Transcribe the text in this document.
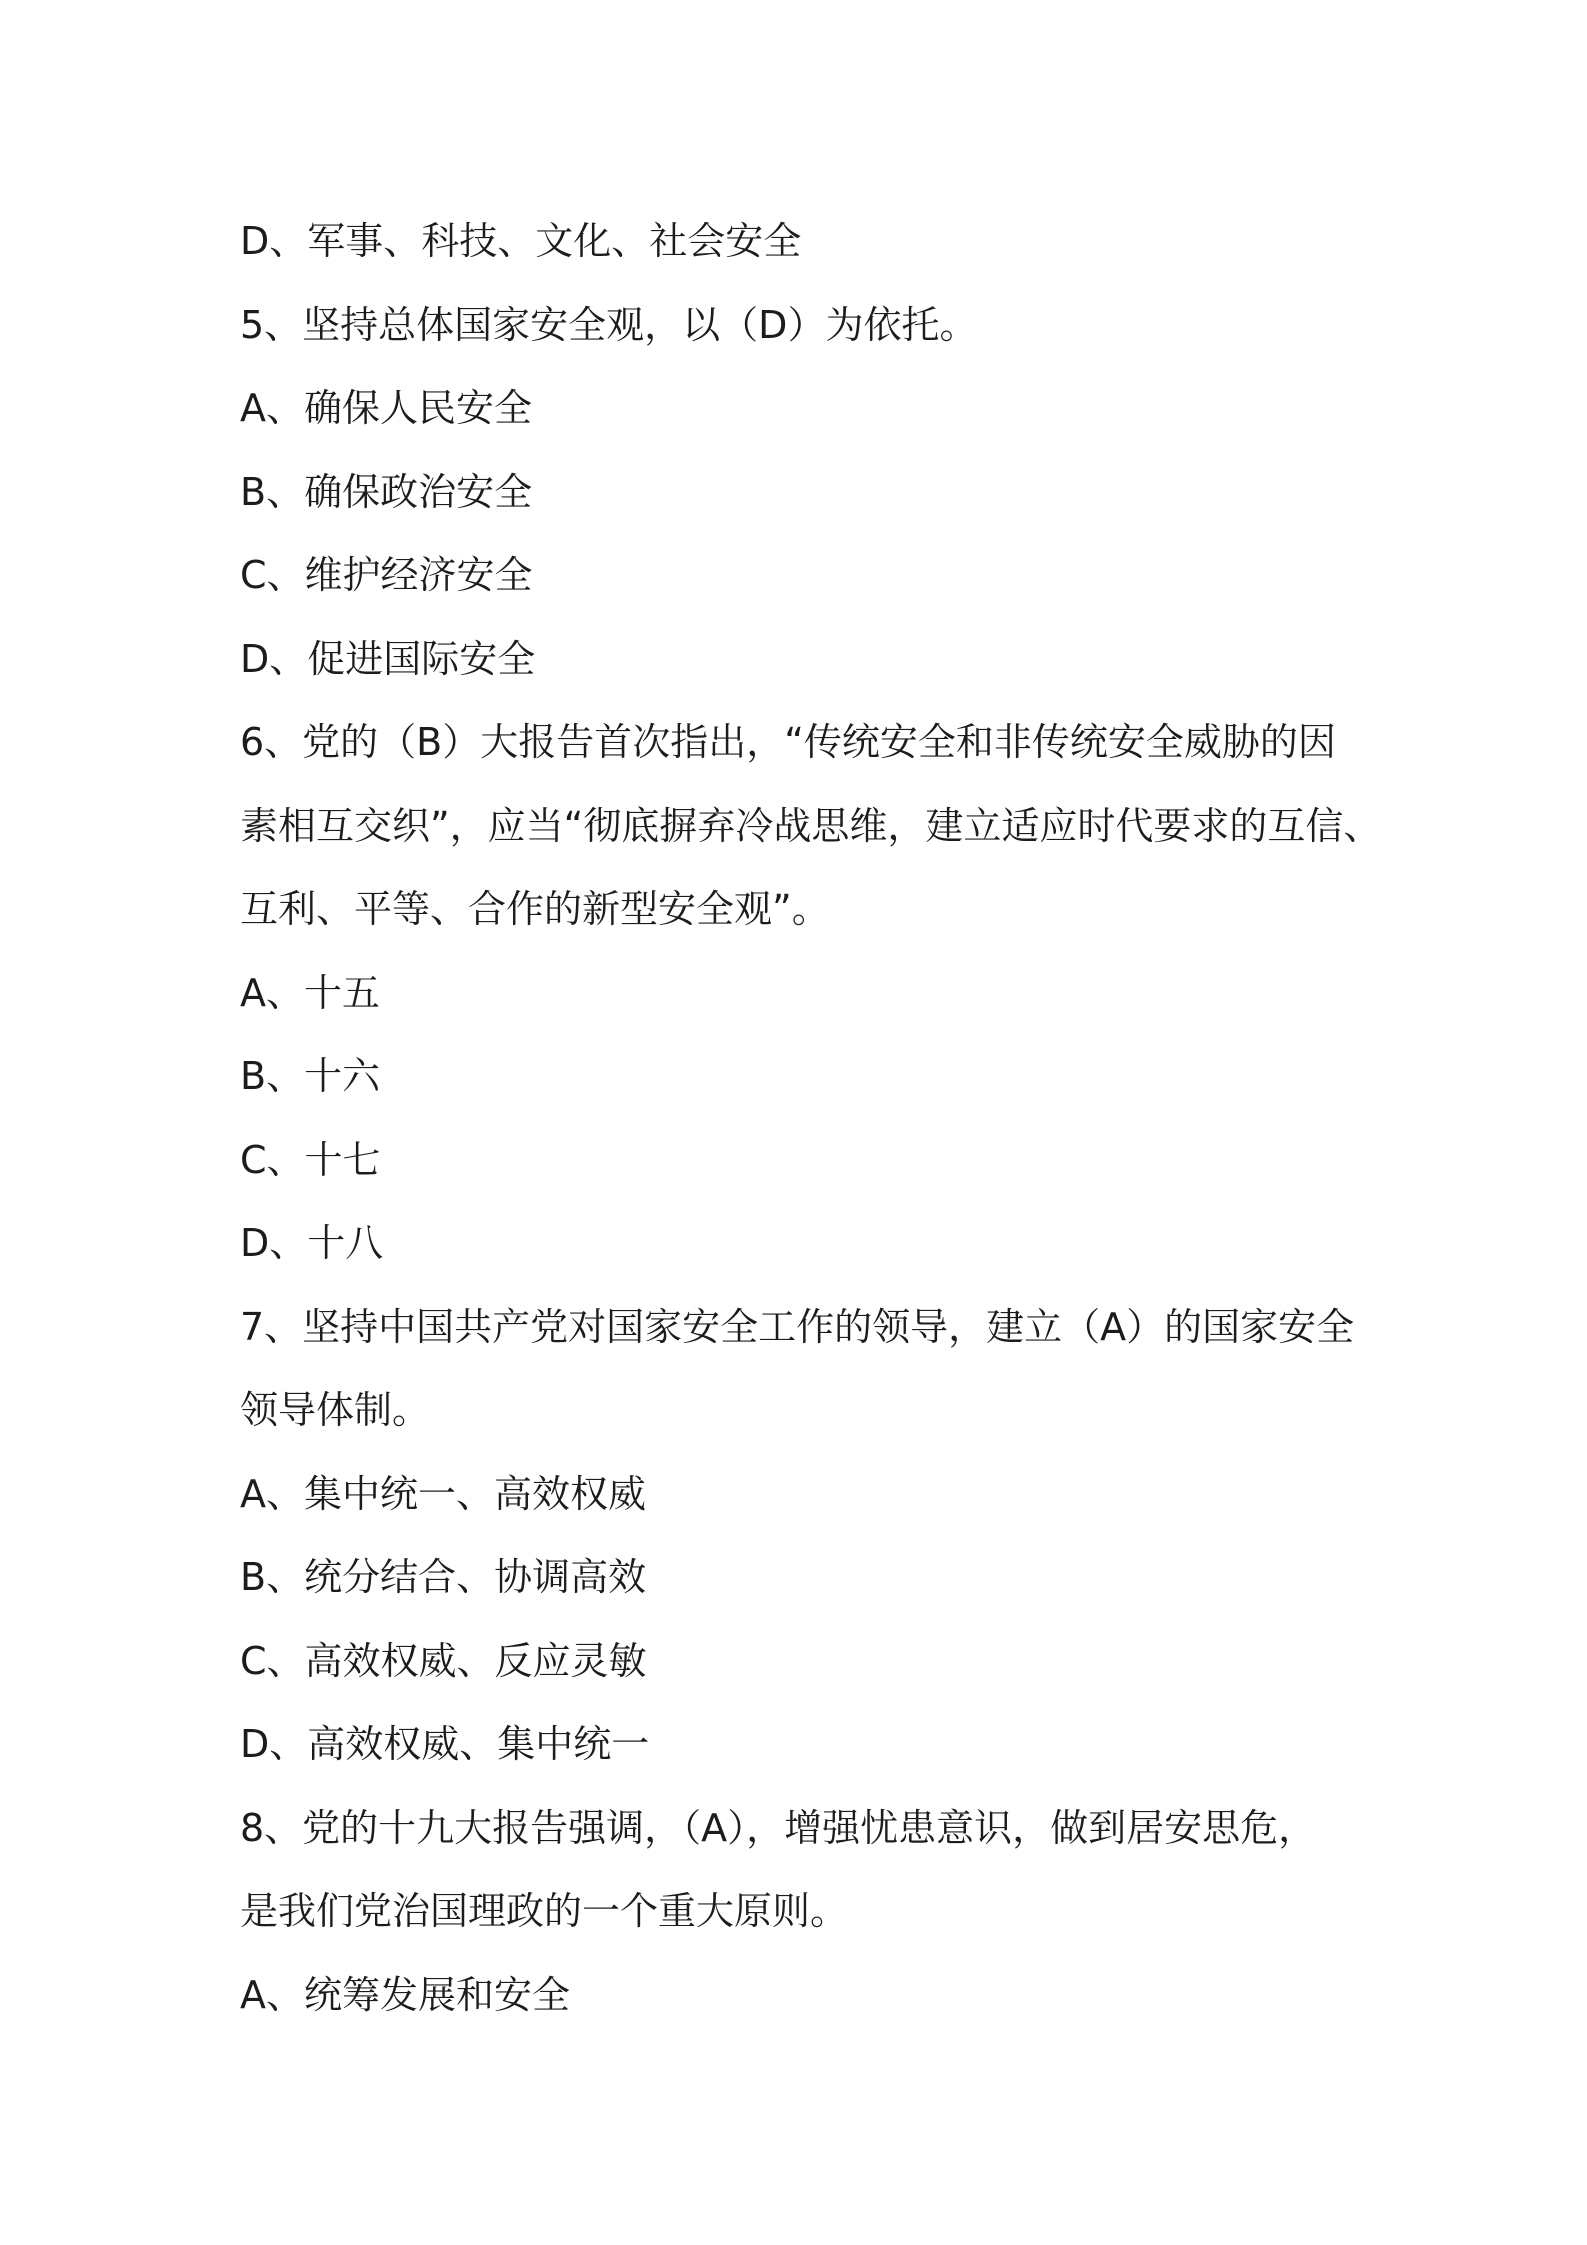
D、军事、科技、文化、社会安全
5、坚持总体国家安全观，以（D）为依托。
A、确保人民安全
B、确保政治安全
C、维护经济安全
D、促进国际安全
6、党的（B）大报告首次指出，“传统安全和非传统安全威胁的因
素相互交织”，应当“彻底摒弃冷战思维，建立适应时代要求的互信、
互利、平等、合作的新型安全观”。
A、十五
B、十六
C、十七
D、十八
7、坚持中国共产党对国家安全工作的领导，建立（A）的国家安全
领导体制。
A、集中统一、高效权威
B、统分结合、协调高效
C、高效权威、反应灵敏
D、高效权威、集中统一
8、党的十九大报告强调，（A），增强忧患意识，做到居安思危，
是我们党治国理政的一个重大原则。
A、统筹发展和安全
